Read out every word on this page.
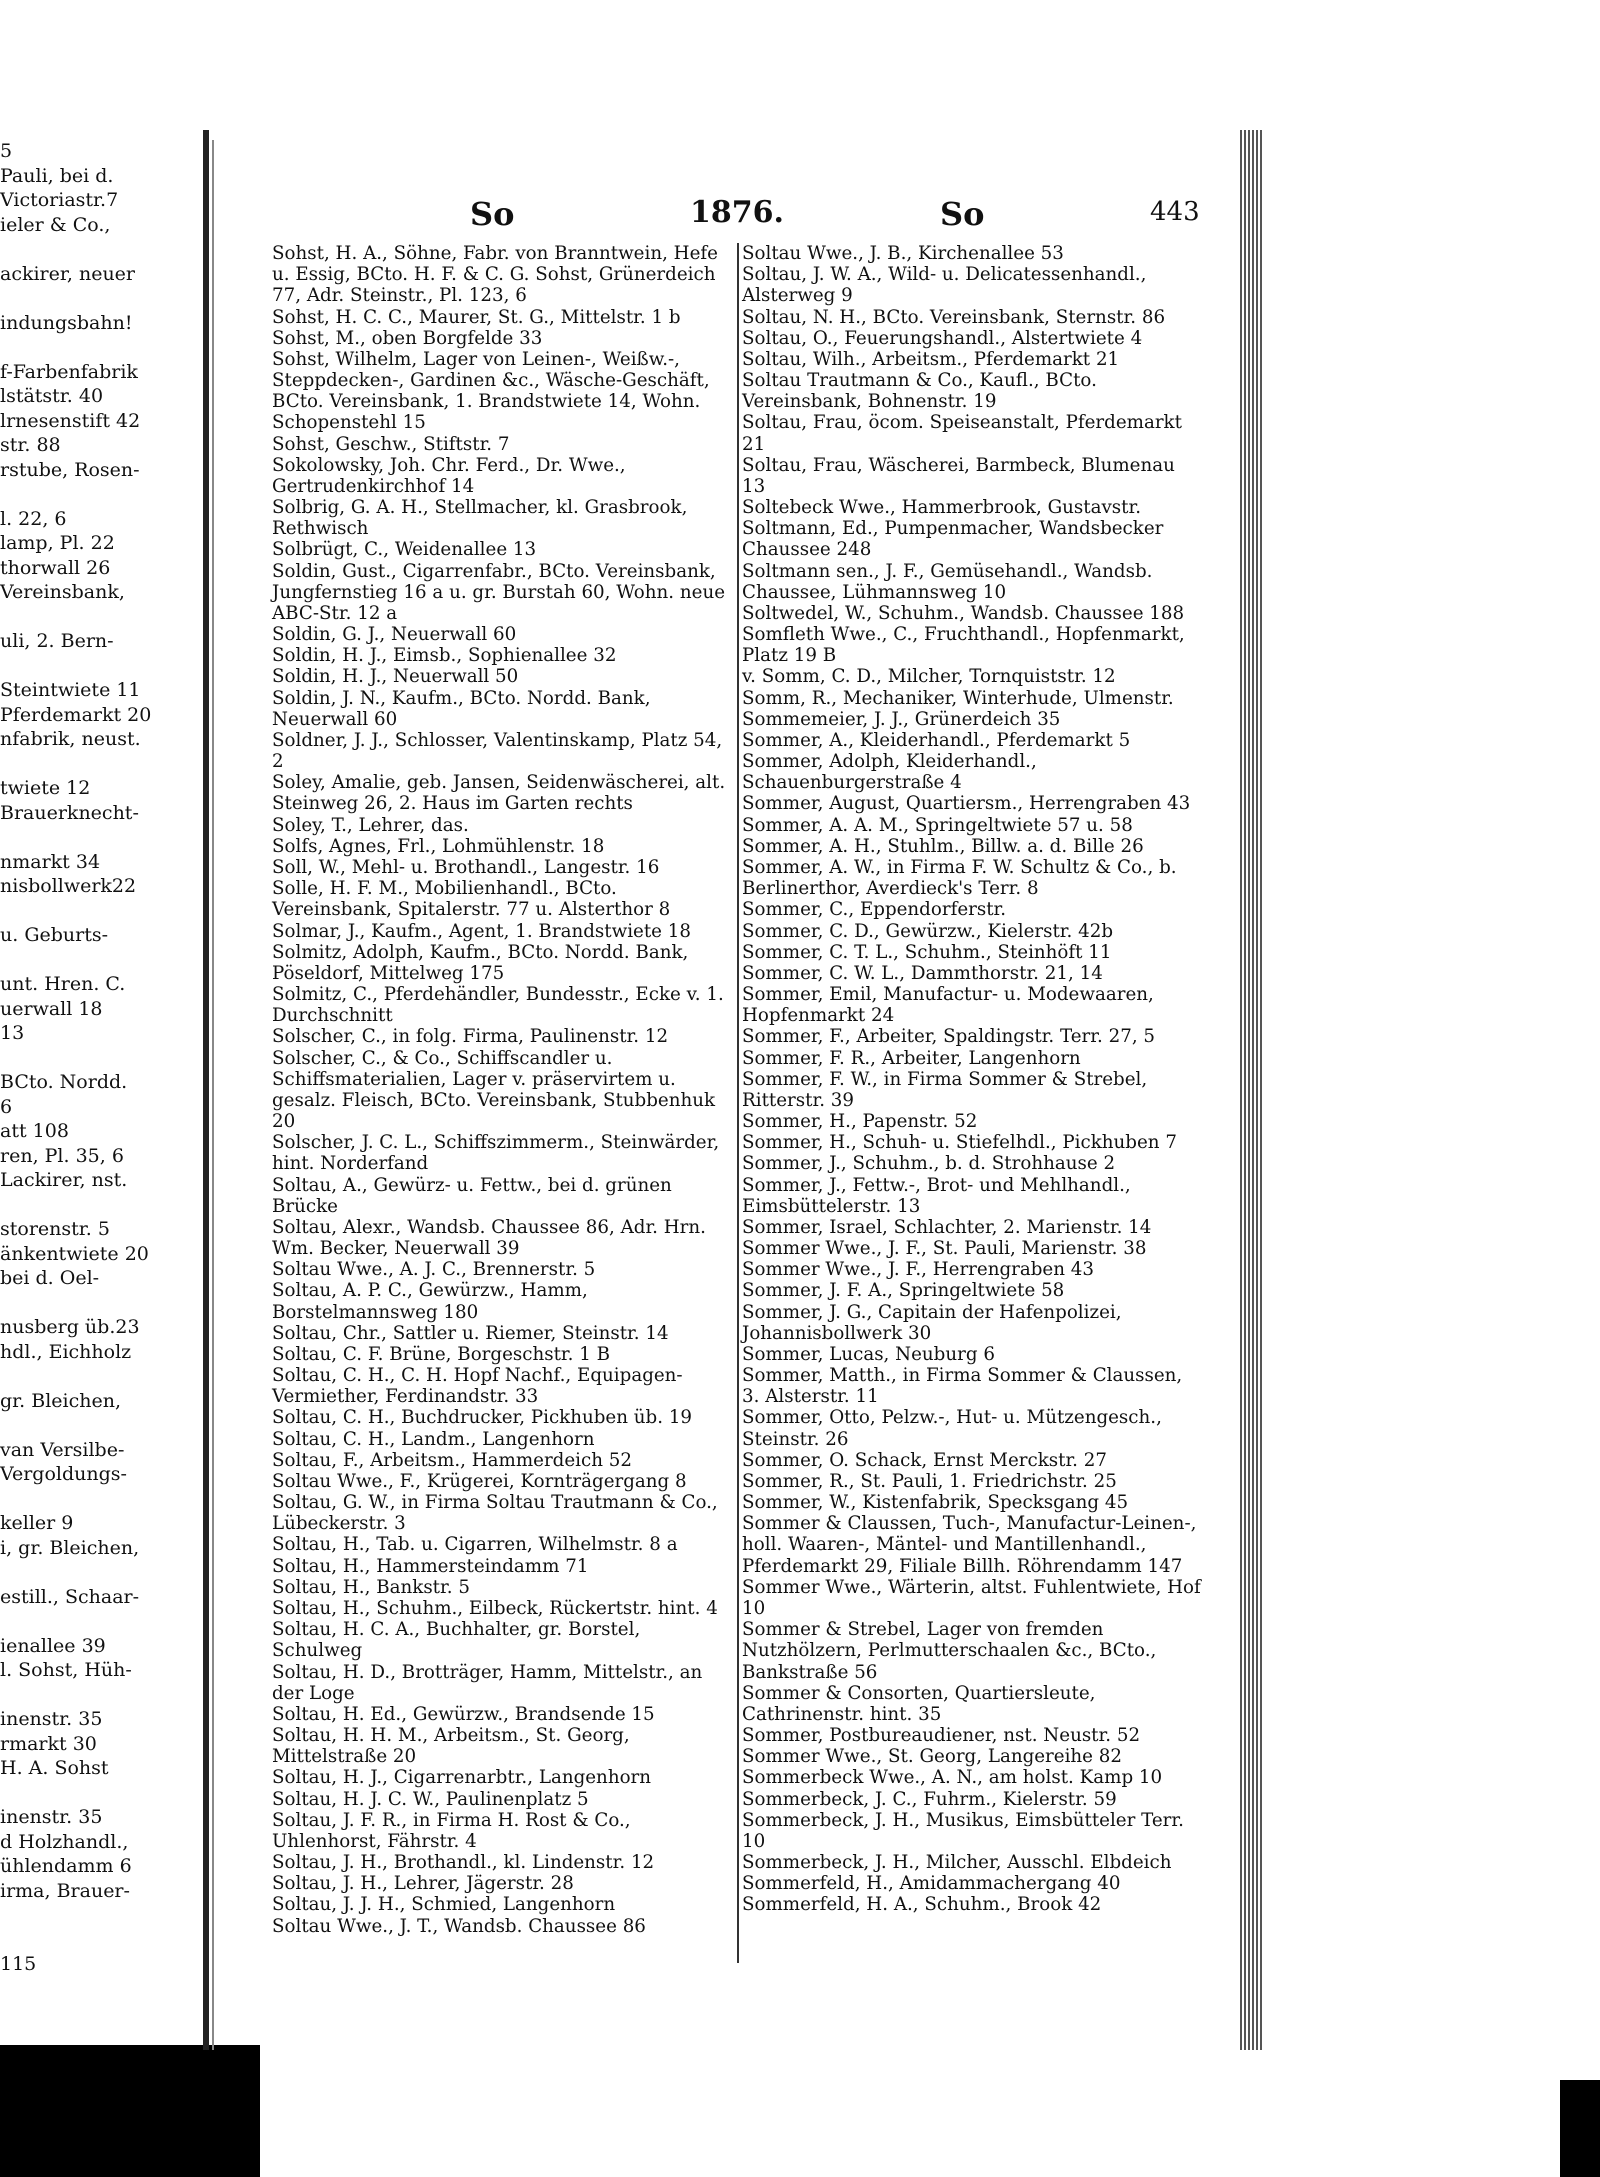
5
Pauli, bei d.
Victoriastr.7
ieler & Co.,
ackirer, neuer
indungsbahn!
f-Farbenfabrik
lstätstr. 40
lrnesenstift 42
str. 88
rstube, Rosen-
l. 22, 6
lamp, Pl. 22
thorwall 26
Vereinsbank,
uli, 2. Bern-
Steintwiete 11
Pferdemarkt 20
nfabrik, neust.
twiete 12
Brauerknecht-
nmarkt 34
nisbollwerk22
u. Geburts-
unt. Hren. C.
uerwall 18
13
BCto. Nordd.
6
att 108
ren, Pl. 35, 6
Lackirer, nst.
storenstr. 5
änkentwiete 20
bei d. Oel-
nusberg üb.23
hdl., Eichholz
gr. Bleichen,
van Versilbe-
Vergoldungs-
keller 9
i, gr. Bleichen,
estill., Schaar-
ienallee 39
l. Sohst, Hüh-
inenstr. 35
rmarkt 30
H. A. Sohst
inenstr. 35
d Holzhandl.,
ühlendamm 6
irma, Brauer-
115
So	1876.	So	443
Sohst, H. A., Söhne, Fabr. von Branntwein, Hefe u. Essig, BCto. H. F. & C. G. Sohst, Grünerdeich 77, Adr. Steinstr., Pl. 123, 6
Sohst, H. C. C., Maurer, St. G., Mittelstr. 1 b
Sohst, M., oben Borgfelde 33
Sohst, Wilhelm, Lager von Leinen-, Weißw.-, Steppdecken-, Gardinen &c., Wäsche-Geschäft, BCto. Vereinsbank, 1. Brandstwiete 14, Wohn. Schopenstehl 15
Sohst, Geschw., Stiftstr. 7
Sokolowsky, Joh. Chr. Ferd., Dr. Wwe., Gertrudenkirchhof 14
Solbrig, G. A. H., Stellmacher, kl. Grasbrook, Rethwisch
Solbrügt, C., Weidenallee 13
Soldin, Gust., Cigarrenfabr., BCto. Vereinsbank, Jungfernstieg 16 a u. gr. Burstah 60, Wohn. neue ABC-Str. 12 a
Soldin, G. J., Neuerwall 60
Soldin, H. J., Eimsb., Sophienallee 32
Soldin, H. J., Neuerwall 50
Soldin, J. N., Kaufm., BCto. Nordd. Bank, Neuerwall 60
Soldner, J. J., Schlosser, Valentinskamp, Platz 54, 2
Soley, Amalie, geb. Jansen, Seidenwäscherei, alt. Steinweg 26, 2. Haus im Garten rechts
Soley, T., Lehrer, das.
Solfs, Agnes, Frl., Lohmühlenstr. 18
Soll, W., Mehl- u. Brothandl., Langestr. 16
Solle, H. F. M., Mobilienhandl., BCto. Vereinsbank, Spitalerstr. 77 u. Alsterthor 8
Solmar, J., Kaufm., Agent, 1. Brandstwiete 18
Solmitz, Adolph, Kaufm., BCto. Nordd. Bank, Pöseldorf, Mittelweg 175
Solmitz, C., Pferdehändler, Bundesstr., Ecke v. 1. Durchschnitt
Solscher, C., in folg. Firma, Paulinenstr. 12
Solscher, C., & Co., Schiffscandler u. Schiffsmaterialien, Lager v. präservirtem u. gesalz. Fleisch, BCto. Vereinsbank, Stubbenhuk 20
Solscher, J. C. L., Schiffszimmerm., Steinwärder, hint. Norderfand
Soltau, A., Gewürz- u. Fettw., bei d. grünen Brücke
Soltau, Alexr., Wandsb. Chaussee 86, Adr. Hrn. Wm. Becker, Neuerwall 39
Soltau Wwe., A. J. C., Brennerstr. 5
Soltau, A. P. C., Gewürzw., Hamm, Borstelmannsweg 180
Soltau, Chr., Sattler u. Riemer, Steinstr. 14
Soltau, C. F. Brüne, Borgeschstr. 1 B
Soltau, C. H., C. H. Hopf Nachf., Equipagen-Vermiether, Ferdinandstr. 33
Soltau, C. H., Buchdrucker, Pickhuben üb. 19
Soltau, C. H., Landm., Langenhorn
Soltau, F., Arbeitsm., Hammerdeich 52
Soltau Wwe., F., Krügerei, Kornträgergang 8
Soltau, G. W., in Firma Soltau Trautmann & Co., Lübeckerstr. 3
Soltau, H., Tab. u. Cigarren, Wilhelmstr. 8 a
Soltau, H., Hammersteindamm 71
Soltau, H., Bankstr. 5
Soltau, H., Schuhm., Eilbeck, Rückertstr. hint. 4
Soltau, H. C. A., Buchhalter, gr. Borstel, Schulweg
Soltau, H. D., Brotträger, Hamm, Mittelstr., an der Loge
Soltau, H. Ed., Gewürzw., Brandsende 15
Soltau, H. H. M., Arbeitsm., St. Georg, Mittelstraße 20
Soltau, H. J., Cigarrenarbtr., Langenhorn
Soltau, H. J. C. W., Paulinenplatz 5
Soltau, J. F. R., in Firma H. Rost & Co., Uhlenhorst, Fährstr. 4
Soltau, J. H., Brothandl., kl. Lindenstr. 12
Soltau, J. H., Lehrer, Jägerstr. 28
Soltau, J. J. H., Schmied, Langenhorn
Soltau Wwe., J. T., Wandsb. Chaussee 86
Soltau Wwe., J. B., Kirchenallee 53
Soltau, J. W. A., Wild- u. Delicatessenhandl., Alsterweg 9
Soltau, N. H., BCto. Vereinsbank, Sternstr. 86
Soltau, O., Feuerungshandl., Alstertwiete 4
Soltau, Wilh., Arbeitsm., Pferdemarkt 21
Soltau Trautmann & Co., Kaufl., BCto. Vereinsbank, Bohnenstr. 19
Soltau, Frau, öcom. Speiseanstalt, Pferdemarkt 21
Soltau, Frau, Wäscherei, Barmbeck, Blumenau 13
Soltebeck Wwe., Hammerbrook, Gustavstr.
Soltmann, Ed., Pumpenmacher, Wandsbecker Chaussee 248
Soltmann sen., J. F., Gemüsehandl., Wandsb. Chaussee, Lühmannsweg 10
Soltwedel, W., Schuhm., Wandsb. Chaussee 188
Somfleth Wwe., C., Fruchthandl., Hopfenmarkt, Platz 19 B
v. Somm, C. D., Milcher, Tornquiststr. 12
Somm, R., Mechaniker, Winterhude, Ulmenstr.
Sommemeier, J. J., Grünerdeich 35
Sommer, A., Kleiderhandl., Pferdemarkt 5
Sommer, Adolph, Kleiderhandl., Schauenburgerstraße 4
Sommer, August, Quartiersm., Herrengraben 43
Sommer, A. A. M., Springeltwiete 57 u. 58
Sommer, A. H., Stuhlm., Billw. a. d. Bille 26
Sommer, A. W., in Firma F. W. Schultz & Co., b. Berlinerthor, Averdieck's Terr. 8
Sommer, C., Eppendorferstr.
Sommer, C. D., Gewürzw., Kielerstr. 42b
Sommer, C. T. L., Schuhm., Steinhöft 11
Sommer, C. W. L., Dammthorstr. 21, 14
Sommer, Emil, Manufactur- u. Modewaaren, Hopfenmarkt 24
Sommer, F., Arbeiter, Spaldingstr. Terr. 27, 5
Sommer, F. R., Arbeiter, Langenhorn
Sommer, F. W., in Firma Sommer & Strebel, Ritterstr. 39
Sommer, H., Papenstr. 52
Sommer, H., Schuh- u. Stiefelhdl., Pickhuben 7
Sommer, J., Schuhm., b. d. Strohhause 2
Sommer, J., Fettw.-, Brot- und Mehlhandl., Eimsbüttelerstr. 13
Sommer, Israel, Schlachter, 2. Marienstr. 14
Sommer Wwe., J. F., St. Pauli, Marienstr. 38
Sommer Wwe., J. F., Herrengraben 43
Sommer, J. F. A., Springeltwiete 58
Sommer, J. G., Capitain der Hafenpolizei, Johannisbollwerk 30
Sommer, Lucas, Neuburg 6
Sommer, Matth., in Firma Sommer & Claussen, 3. Alsterstr. 11
Sommer, Otto, Pelzw.-, Hut- u. Mützengesch., Steinstr. 26
Sommer, O. Schack, Ernst Merckstr. 27
Sommer, R., St. Pauli, 1. Friedrichstr. 25
Sommer, W., Kistenfabrik, Specksgang 45
Sommer & Claussen, Tuch-, Manufactur-Leinen-, holl. Waaren-, Mäntel- und Mantillenhandl., Pferdemarkt 29, Filiale Billh. Röhrendamm 147
Sommer Wwe., Wärterin, altst. Fuhlentwiete, Hof 10
Sommer & Strebel, Lager von fremden Nutzhölzern, Perlmutterschaalen &c., BCto., Bankstraße 56
Sommer & Consorten, Quartiersleute, Cathrinenstr. hint. 35
Sommer, Postbureaudiener, nst. Neustr. 52
Sommer Wwe., St. Georg, Langereihe 82
Sommerbeck Wwe., A. N., am holst. Kamp 10
Sommerbeck, J. C., Fuhrm., Kielerstr. 59
Sommerbeck, J. H., Musikus, Eimsbütteler Terr. 10
Sommerbeck, J. H., Milcher, Ausschl. Elbdeich
Sommerfeld, H., Amidammachergang 40
Sommerfeld, H. A., Schuhm., Brook 42
